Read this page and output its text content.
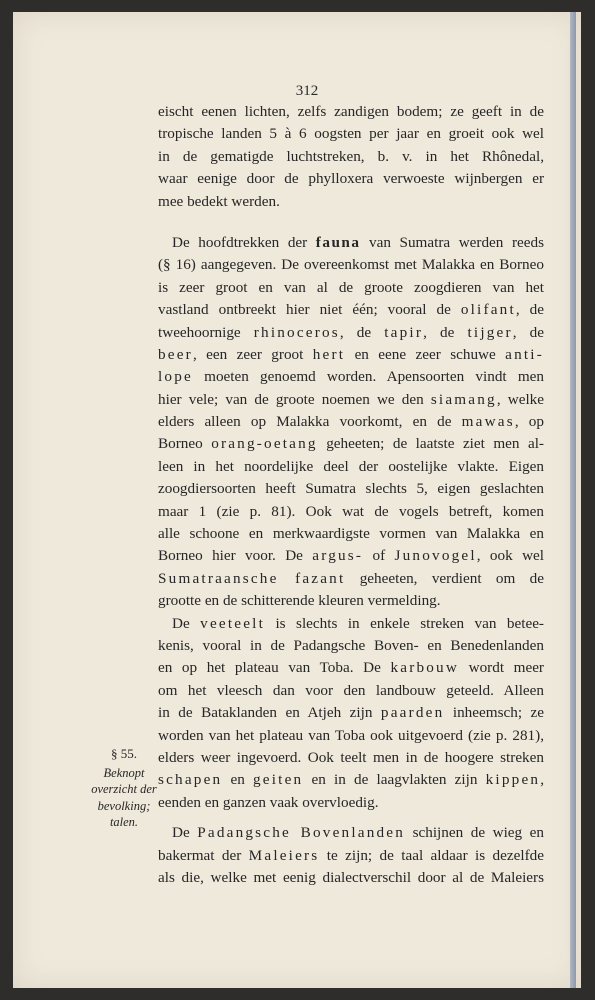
312
eischt eenen lichten, zelfs zandigen bodem; ze geeft in de
tropische landen 5 à 6 oogsten per jaar en groeit ook wel
in de gematigde luchtstreken, b. v. in het Rhônedal,
waar eenige door de phylloxera verwoeste wijnbergen er
mee bedekt werden.
De hoofdtrekken der fauna van Sumatra werden reeds
(§ 16) aangegeven. De overeenkomst met Malakka en Borneo
is zeer groot en van al de groote zoogdieren van het
vastland ontbreekt hier niet één; vooral de olifant, de
tweehoornige rhinoceros, de tapir, de tijger, de
beer, een zeer groot hert en eene zeer schuwe anti-
lope moeten genoemd worden. Apensoorten vindt men
hier vele; van de groote noemen we den siamang, welke
elders alleen op Malakka voorkomt, en de mawas, op
Borneo orang-oetang geheeten; de laatste ziet men al-
leen in het noordelijke deel der oostelijke vlakte. Eigen
zoogdiersoorten heeft Sumatra slechts 5, eigen geslachten
maar 1 (zie p. 81). Ook wat de vogels betreft, komen
alle schoone en merkwaardigste vormen van Malakka en
Borneo hier voor. De argus- of Junovogel, ook wel
Sumatraansche fazant geheeten, verdient om de
grootte en de schitterende kleuren vermelding.
De veeteelt is slechts in enkele streken van betee-
kenis, vooral in de Padangsche Boven- en Benedenlanden
en op het plateau van Toba. De karbouw wordt meer
om het vleesch dan voor den landbouw geteeld. Alleen
in de Bataklanden en Atjeh zijn paarden inheemsch; ze
worden van het plateau van Toba ook uitgevoerd (zie p. 281),
elders weer ingevoerd. Ook teelt men in de hoogere streken
schapen en geiten en in de laagvlakten zijn kippen,
eenden en ganzen vaak overvloedig.
De Padangsche Bovenlanden schijnen de wieg en
bakermat der Maleiers te zijn; de taal aldaar is dezelfde
als die, welke met eenig dialectverschil door al de Maleiers
§ 55.
Beknopt
overzicht der
bevolking;
talen.
